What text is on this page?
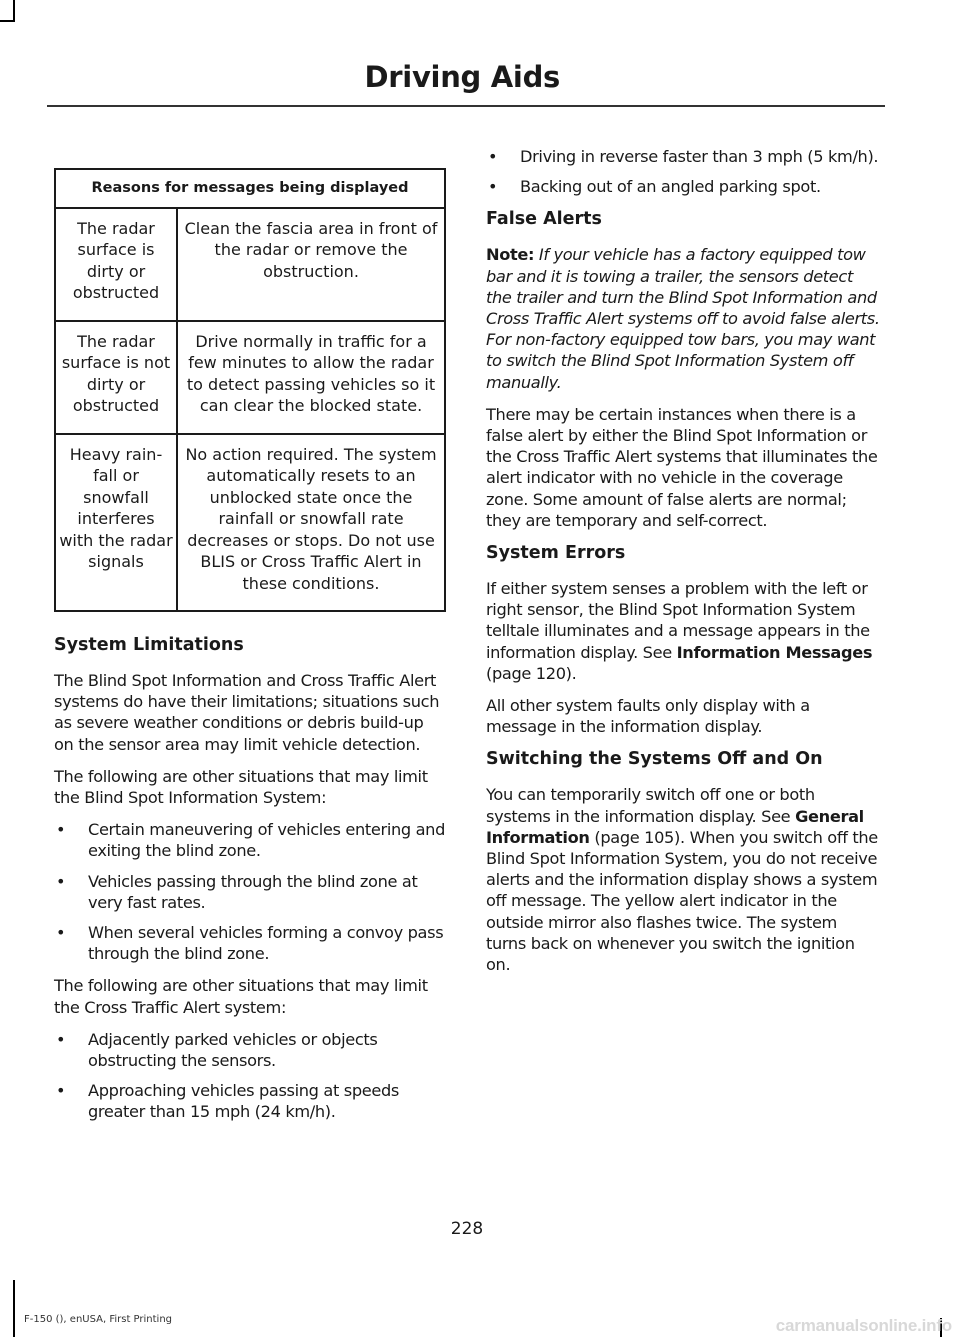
Driving Aids
Reasons for messages being displayed	
The radar surface is dirty or obstructed	Clean the fascia area in front of the radar or remove the obstruction.
The radar surface is not dirty or obstructed	Drive normally in traffic for a few minutes to allow the radar to detect passing vehicles so it can clear the blocked state.
Heavy rain-fall or snowfall interferes with the radar signals	No action required. The system automatically resets to an unblocked state once the rainfall or snowfall rate decreases or stops. Do not use BLIS or Cross Traffic Alert in these conditions.
System Limitations

The Blind Spot Information and Cross Traffic Alert systems do have their limitations; situations such as severe weather conditions or debris build-up on the sensor area may limit vehicle detection.

The following are other situations that may limit the Blind Spot Information System:

• Certain maneuvering of vehicles entering and exiting the blind zone.
• Vehicles passing through the blind zone at very fast rates.
• When several vehicles forming a convoy pass through the blind zone.

The following are other situations that may limit the Cross Traffic Alert system:

• Adjacently parked vehicles or objects obstructing the sensors.
• Approaching vehicles passing at speeds greater than 15 mph (24 km/h).
• Driving in reverse faster than 3 mph (5 km/h).
• Backing out of an angled parking spot.
False Alerts

Note: If your vehicle has a factory equipped tow bar and it is towing a trailer, the sensors detect the trailer and turn the Blind Spot Information and Cross Traffic Alert systems off to avoid false alerts. For non-factory equipped tow bars, you may want to switch the Blind Spot Information System off manually.

There may be certain instances when there is a false alert by either the Blind Spot Information or the Cross Traffic Alert systems that illuminates the alert indicator with no vehicle in the coverage zone. Some amount of false alerts are normal; they are temporary and self-correct.

System Errors

If either system senses a problem with the left or right sensor, the Blind Spot Information System telltale illuminates and a message appears in the information display. See Information Messages (page 120).

All other system faults only display with a message in the information display.

Switching the Systems Off and On

You can temporarily switch off one or both systems in the information display. See General Information (page 105). When you switch off the Blind Spot Information System, you do not receive alerts and the information display shows a system off message. The yellow alert indicator in the outside mirror also flashes twice. The system turns back on whenever you switch the ignition on.

228
F-150 (), enUSA, First Printing	carmanualsonline.info
